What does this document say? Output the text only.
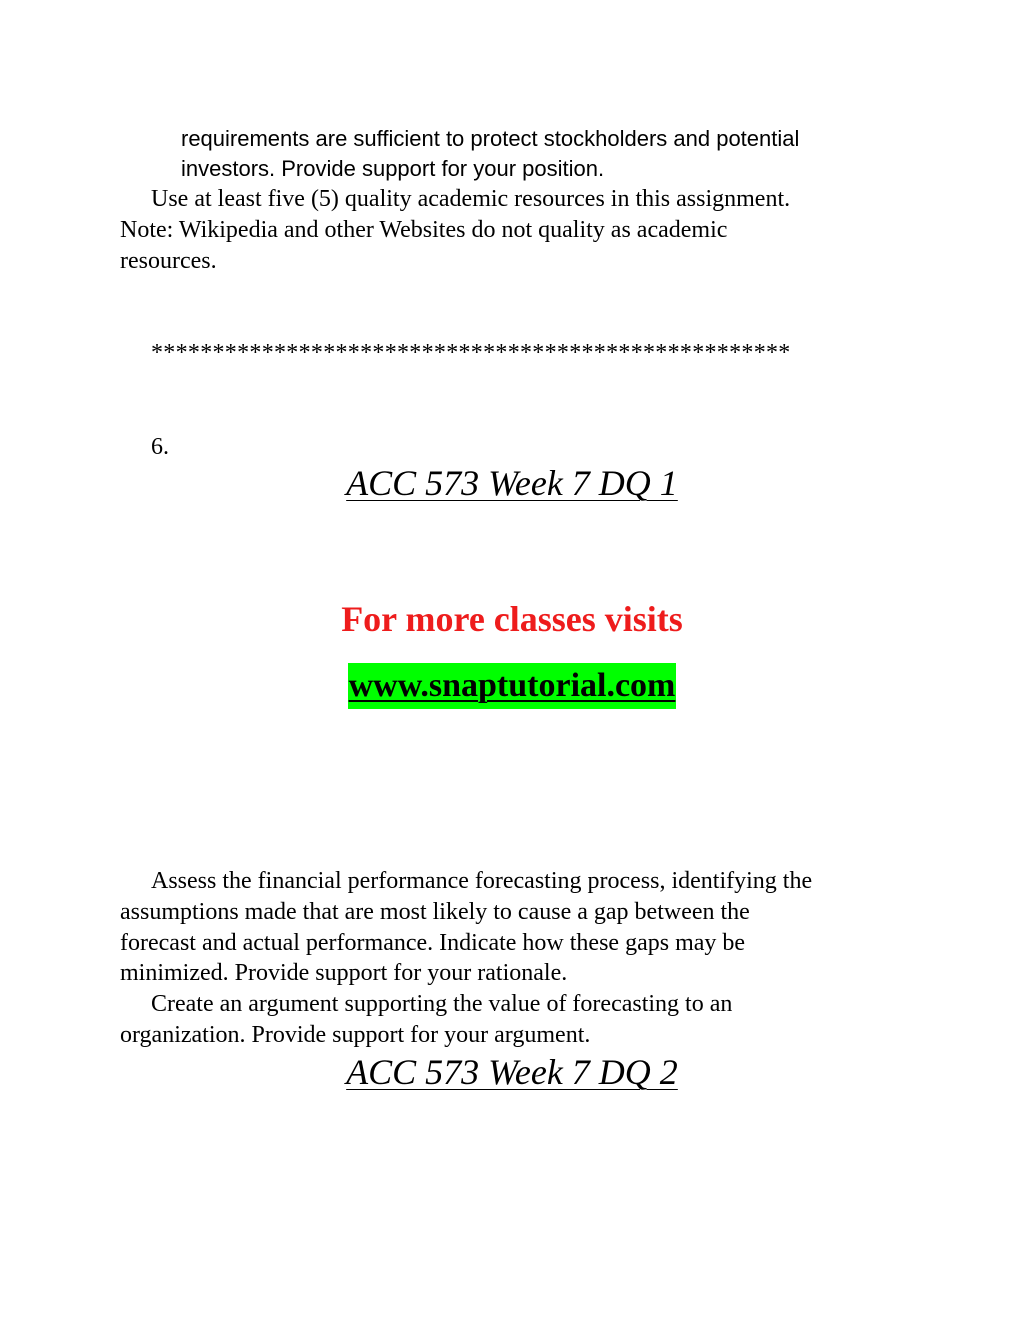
requirements are sufficient to protect stockholders and potential
investors. Provide support for your position.
Use at least five (5) quality academic resources in this assignment.
Note: Wikipedia and other Websites do not quality as academic
resources.
****************************************************
6.
ACC 573 Week 7 DQ 1
For more classes visits
www.snaptutorial.com
Assess the financial performance forecasting process, identifying the
assumptions made that are most likely to cause a gap between the
forecast and actual performance. Indicate how these gaps may be
minimized. Provide support for your rationale.
Create an argument supporting the value of forecasting to an
organization. Provide support for your argument.
ACC 573 Week 7 DQ 2
